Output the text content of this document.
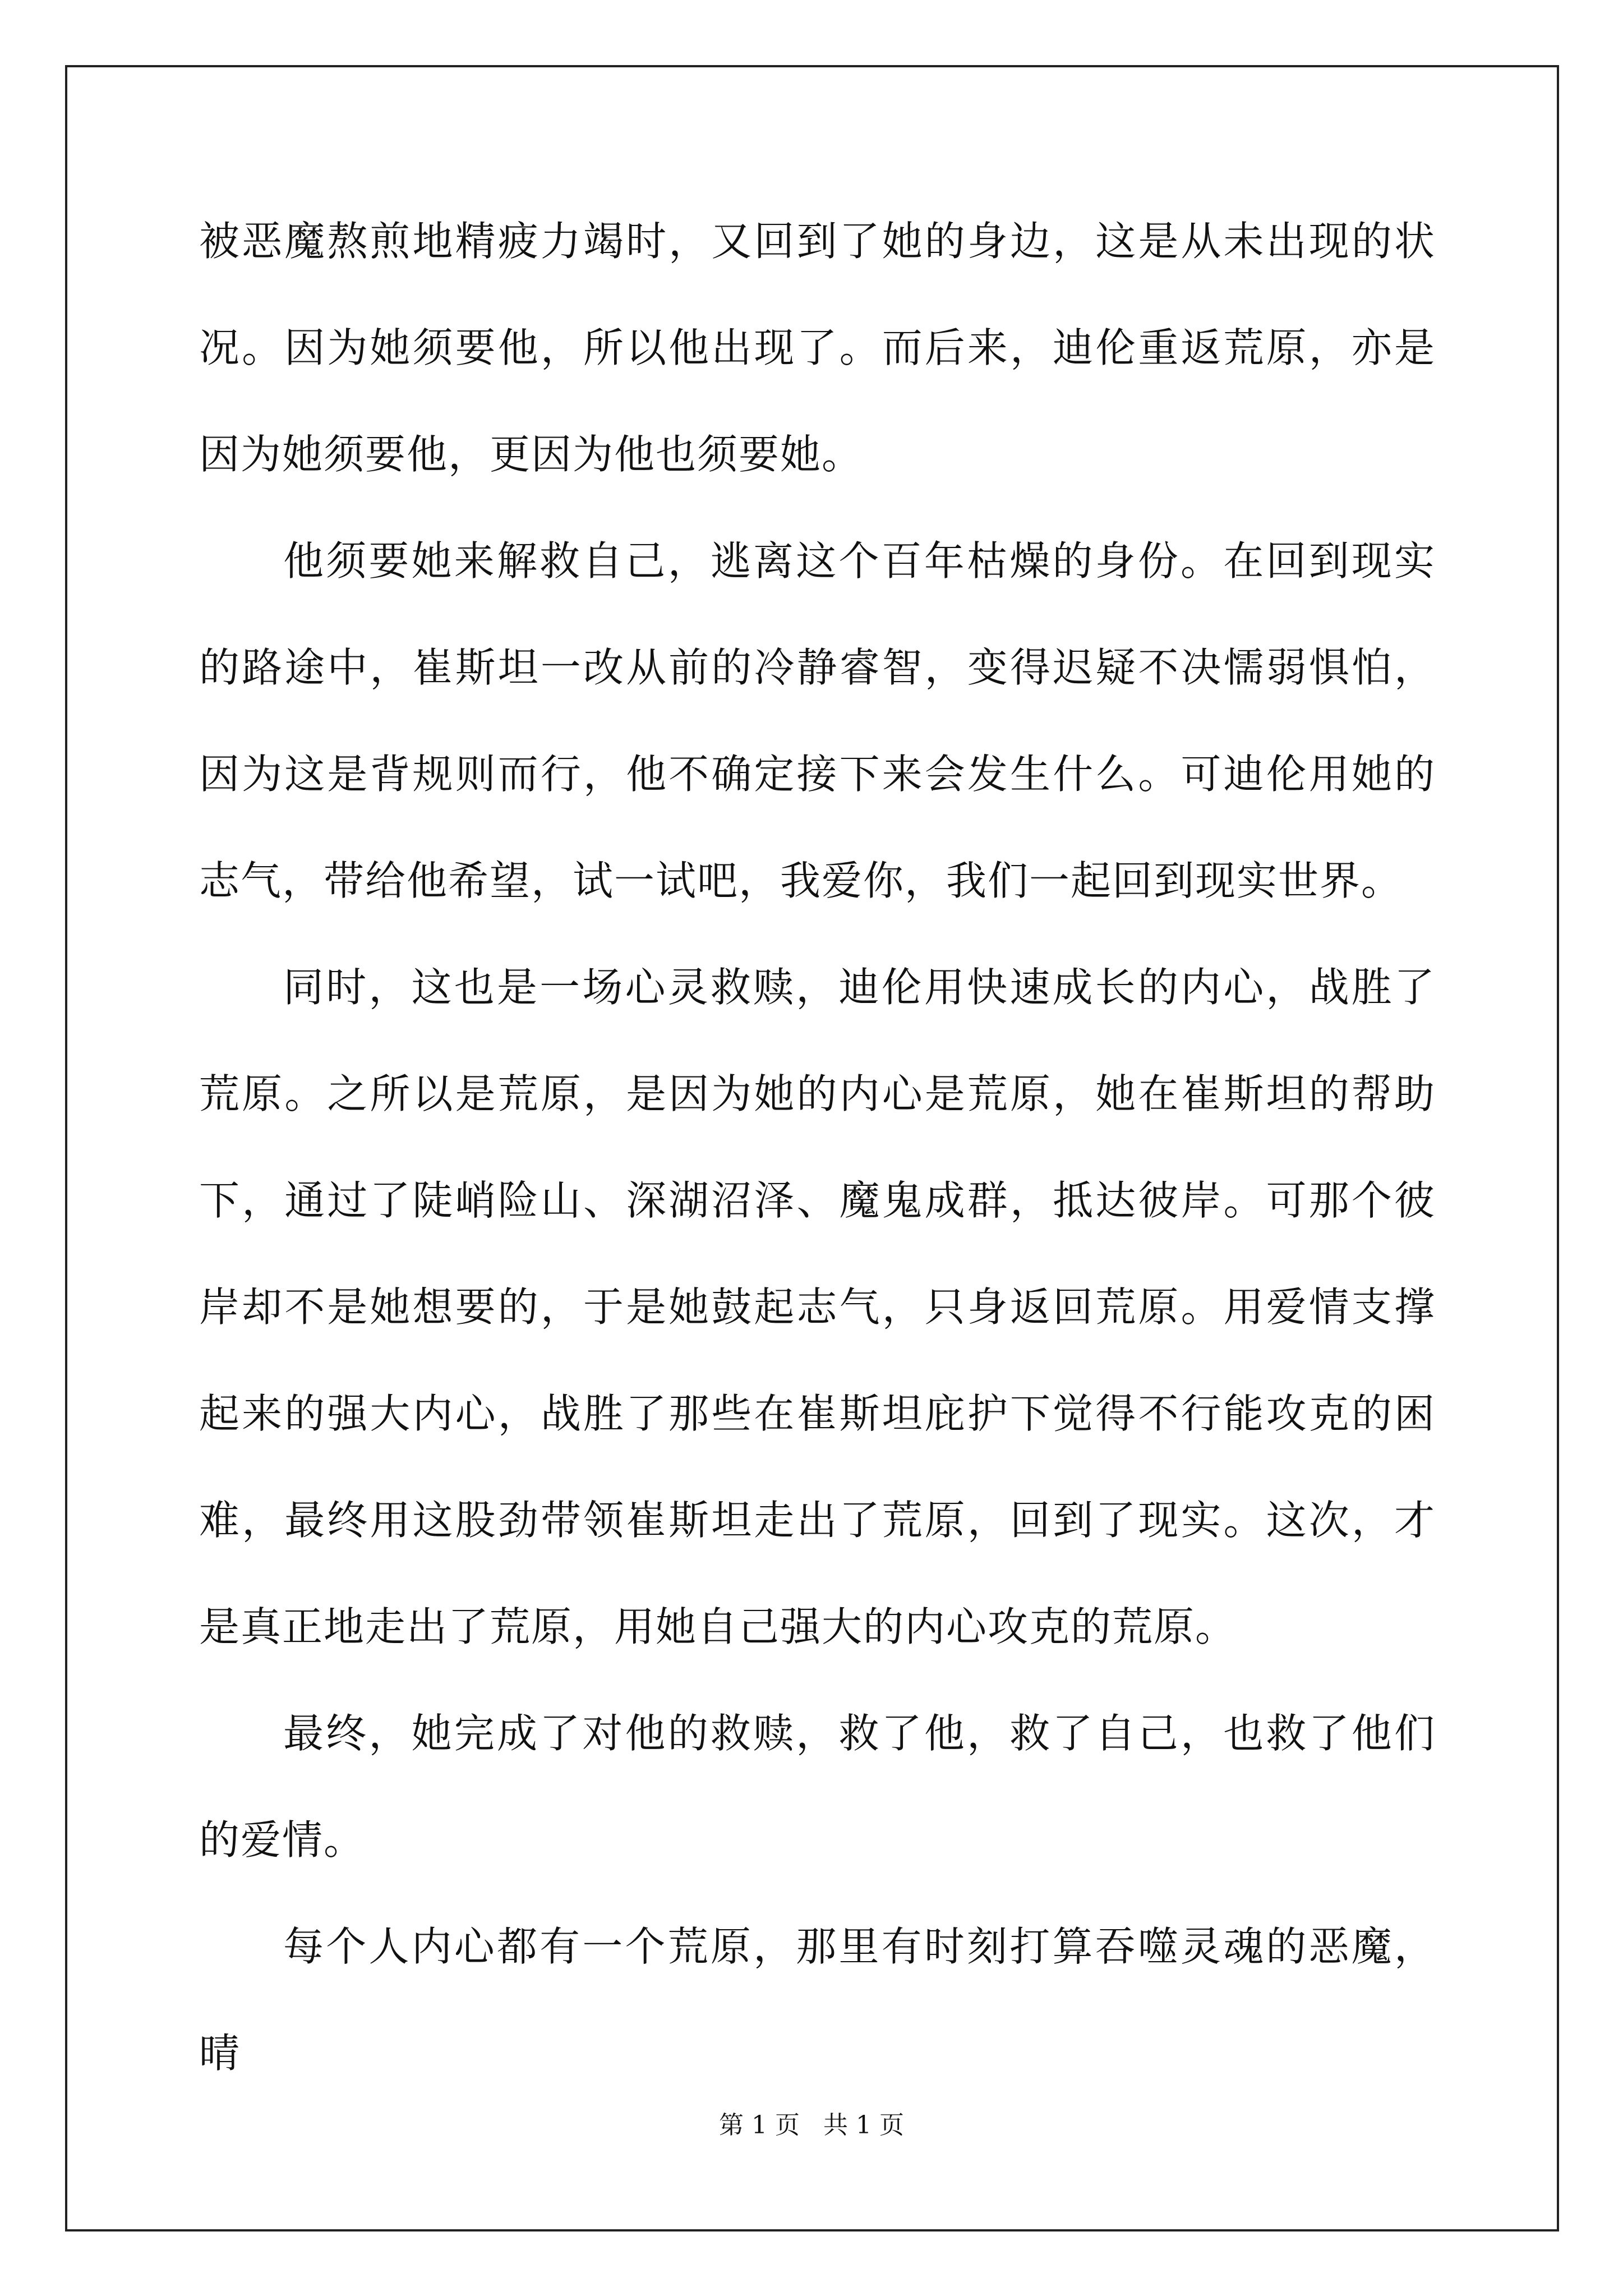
被恶魔熬煎地精疲力竭时，又回到了她的身边，这是从未出现的状况。因为她须要他，所以他出现了。而后来，迪伦重返荒原，亦是因为她须要他，更因为他也须要她。

他须要她来解救自己，逃离这个百年枯燥的身份。在回到现实的路途中，崔斯坦一改从前的冷静睿智，变得迟疑不决懦弱惧怕，因为这是背规则而行，他不确定接下来会发生什么。可迪伦用她的志气，带给他希望，试一试吧，我爱你，我们一起回到现实世界。

同时，这也是一场心灵救赎，迪伦用快速成长的内心，战胜了荒原。之所以是荒原，是因为她的内心是荒原，她在崔斯坦的帮助下，通过了陡峭险山、深湖沼泽、魔鬼成群，抵达彼岸。可那个彼岸却不是她想要的，于是她鼓起志气，只身返回荒原。用爱情支撑起来的强大内心，战胜了那些在崔斯坦庇护下觉得不行能攻克的困难，最终用这股劲带领崔斯坦走出了荒原，回到了现实。这次，才是真正地走出了荒原，用她自己强大的内心攻克的荒原。

最终，她完成了对他的救赎，救了他，救了自己，也救了他们的爱情。

每个人内心都有一个荒原，那里有时刻打算吞噬灵魂的恶魔，晴

第 1 页 共 1 页
